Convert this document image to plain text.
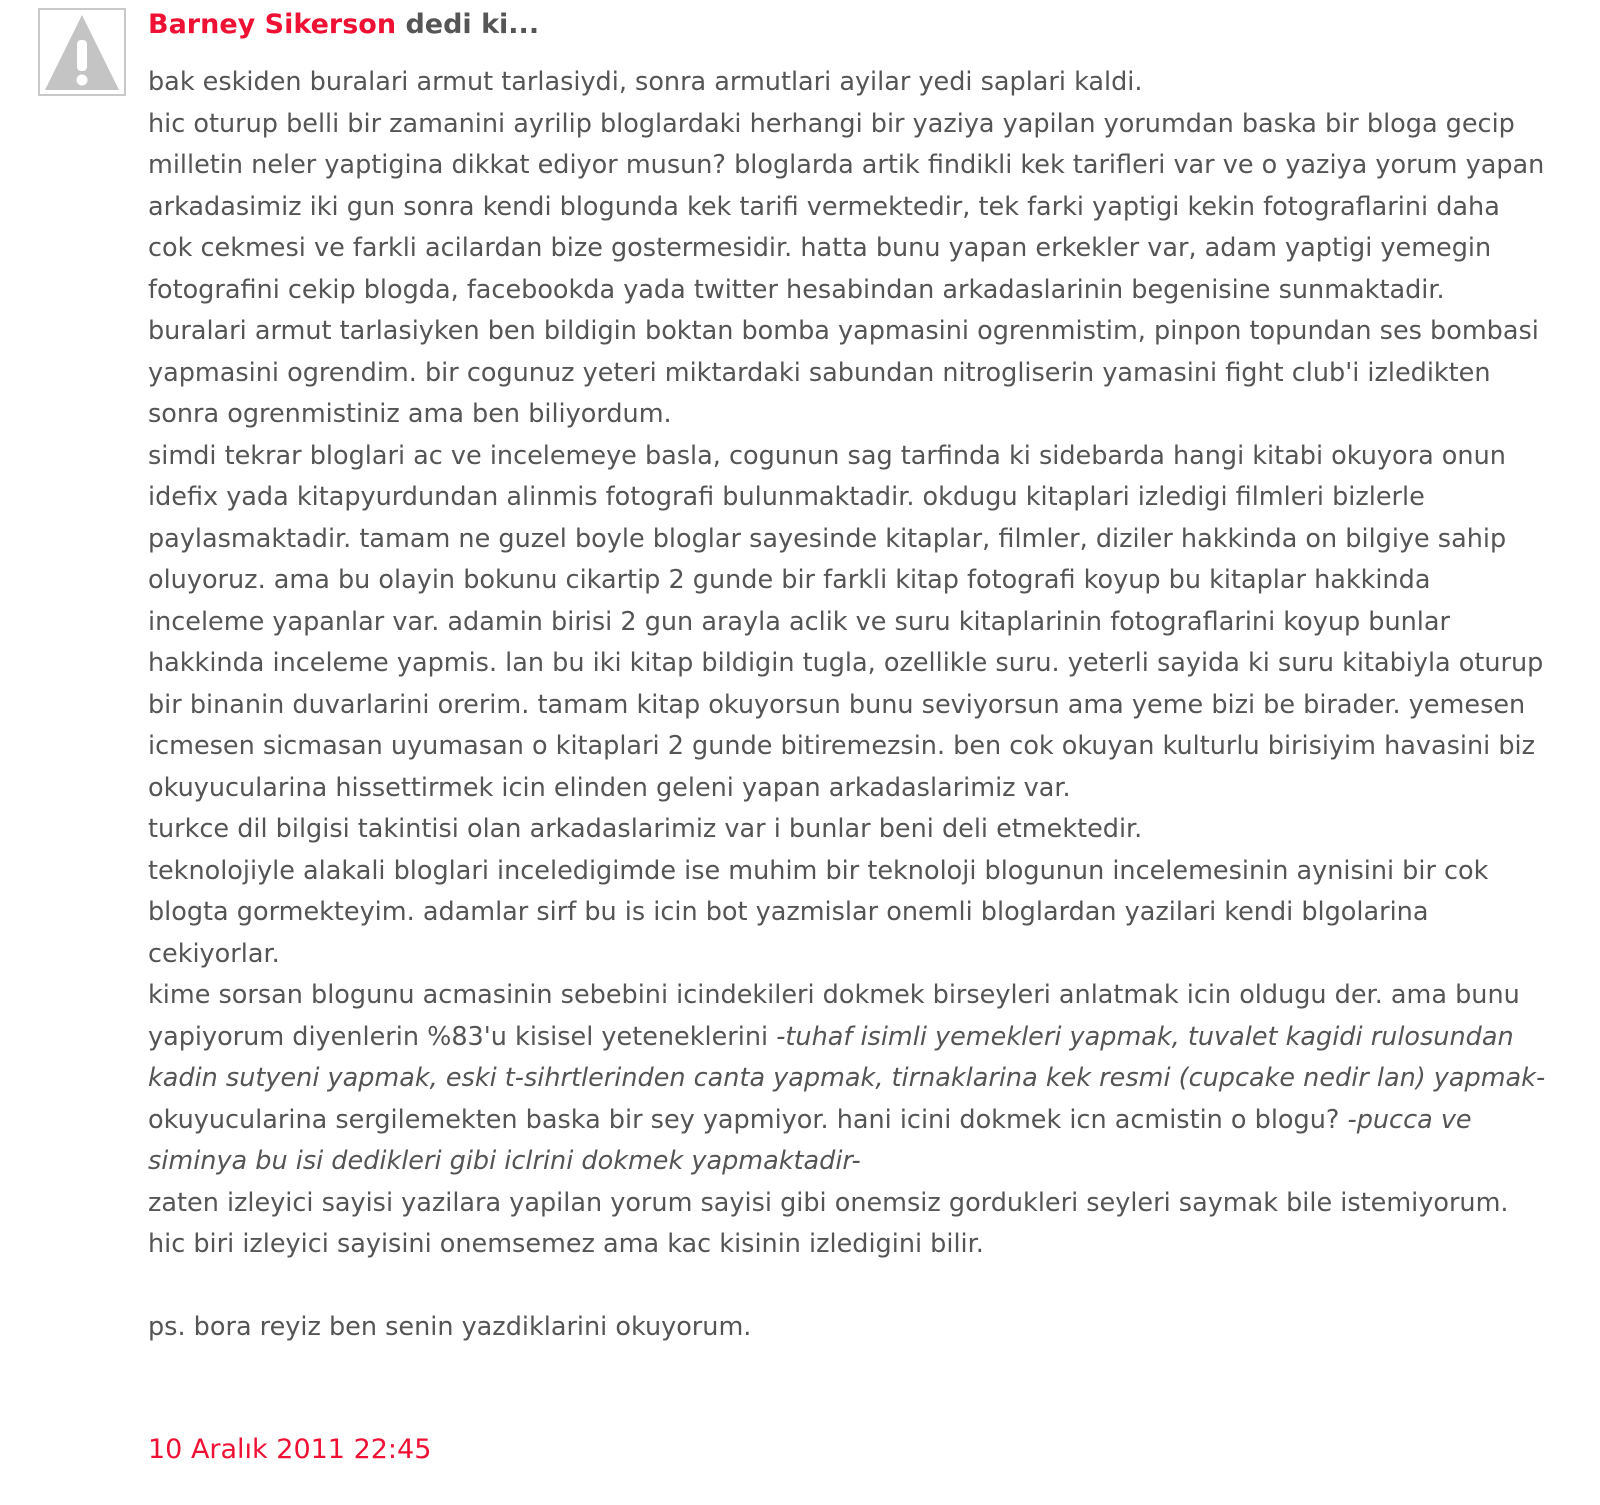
Barney Sikerson dedi ki...

bak eskiden buralari armut tarlasiydi, sonra armutlari ayilar yedi saplari kaldi.

hic oturup belli bir zamanini ayrilip bloglardaki herhangi bir yaziya yapilan yorumdan baska bir bloga gecip milletin neler yaptigina dikkat ediyor musun? bloglarda artik findikli kek tarifleri var ve o yaziya yorum yapan arkadasimiz iki gun sonra kendi blogunda kek tarifi vermektedir, tek farki yaptigi kekin fotograflarini daha cok cekmesi ve farkli acilardan bize gostermesidir. hatta bunu yapan erkekler var, adam yaptigi yemegin fotografini cekip blogda, facebookda yada twitter hesabindan arkadaslarinin begenisine sunmaktadir.

buralari armut tarlasiyken ben bildigin boktan bomba yapmasini ogrenmistim, pinpon topundan ses bombasi yapmasini ogrendim. bir cogunuz yeteri miktardaki sabundan nitrogliserin yamasini fight club'i izledikten sonra ogrenmistiniz ama ben biliyordum.

simdi tekrar bloglari ac ve incelemeye basla, cogunun sag tarfinda ki sidebarda hangi kitabi okuyora onun idefix yada kitapyurdundan alinmis fotografi bulunmaktadir. okdugu kitaplari izledigi filmleri bizlerle paylasmaktadir. tamam ne guzel boyle bloglar sayesinde kitaplar, filmler, diziler hakkinda on bilgiye sahip oluyoruz. ama bu olayin bokunu cikartip 2 gunde bir farkli kitap fotografi koyup bu kitaplar hakkinda inceleme yapanlar var. adamin birisi 2 gun arayla aclik ve suru kitaplarinin fotograflarini koyup bunlar hakkinda inceleme yapmis. lan bu iki kitap bildigin tugla, ozellikle suru. yeterli sayida ki suru kitabiyla oturup bir binanin duvarlarini orerim. tamam kitap okuyorsun bunu seviyorsun ama yeme bizi be birader. yemesen icmesen sicmasan uyumasan o kitaplari 2 gunde bitiremezsin. ben cok okuyan kulturlu birisiyim havasini biz okuyucularina hissettirmek icin elinden geleni yapan arkadaslarimiz var.

turkce dil bilgisi takintisi olan arkadaslarimiz var i bunlar beni deli etmektedir.

teknolojiyle alakali bloglari inceledigimde ise muhim bir teknoloji blogunun incelemesinin aynisini bir cok blogta gormekteyim. adamlar sirf bu is icin bot yazmislar onemli bloglardan yazilari kendi blgolarina cekiyorlar.

kime sorsan blogunu acmasinin sebebini icindekileri dokmek birseyleri anlatmak icin oldugu der. ama bunu yapiyorum diyenlerin %83'u kisisel yeteneklerini -tuhaf isimli yemekleri yapmak, tuvalet kagidi rulosundan kadin sutyeni yapmak, eski t-sihrtlerinden canta yapmak, tirnaklarina kek resmi (cupcake nedir lan) yapmak- okuyucularina sergilemekten baska bir sey yapmiyor. hani icini dokmek icn acmistin o blogu? -pucca ve siminya bu isi dedikleri gibi iclrini dokmek yapmaktadir-

zaten izleyici sayisi yazilara yapilan yorum sayisi gibi onemsiz gordukleri seyleri saymak bile istemiyorum. hic biri izleyici sayisini onemsemez ama kac kisinin izledigini bilir.

ps. bora reyiz ben senin yazdiklarini okuyorum.

10 Aralık 2011 22:45
